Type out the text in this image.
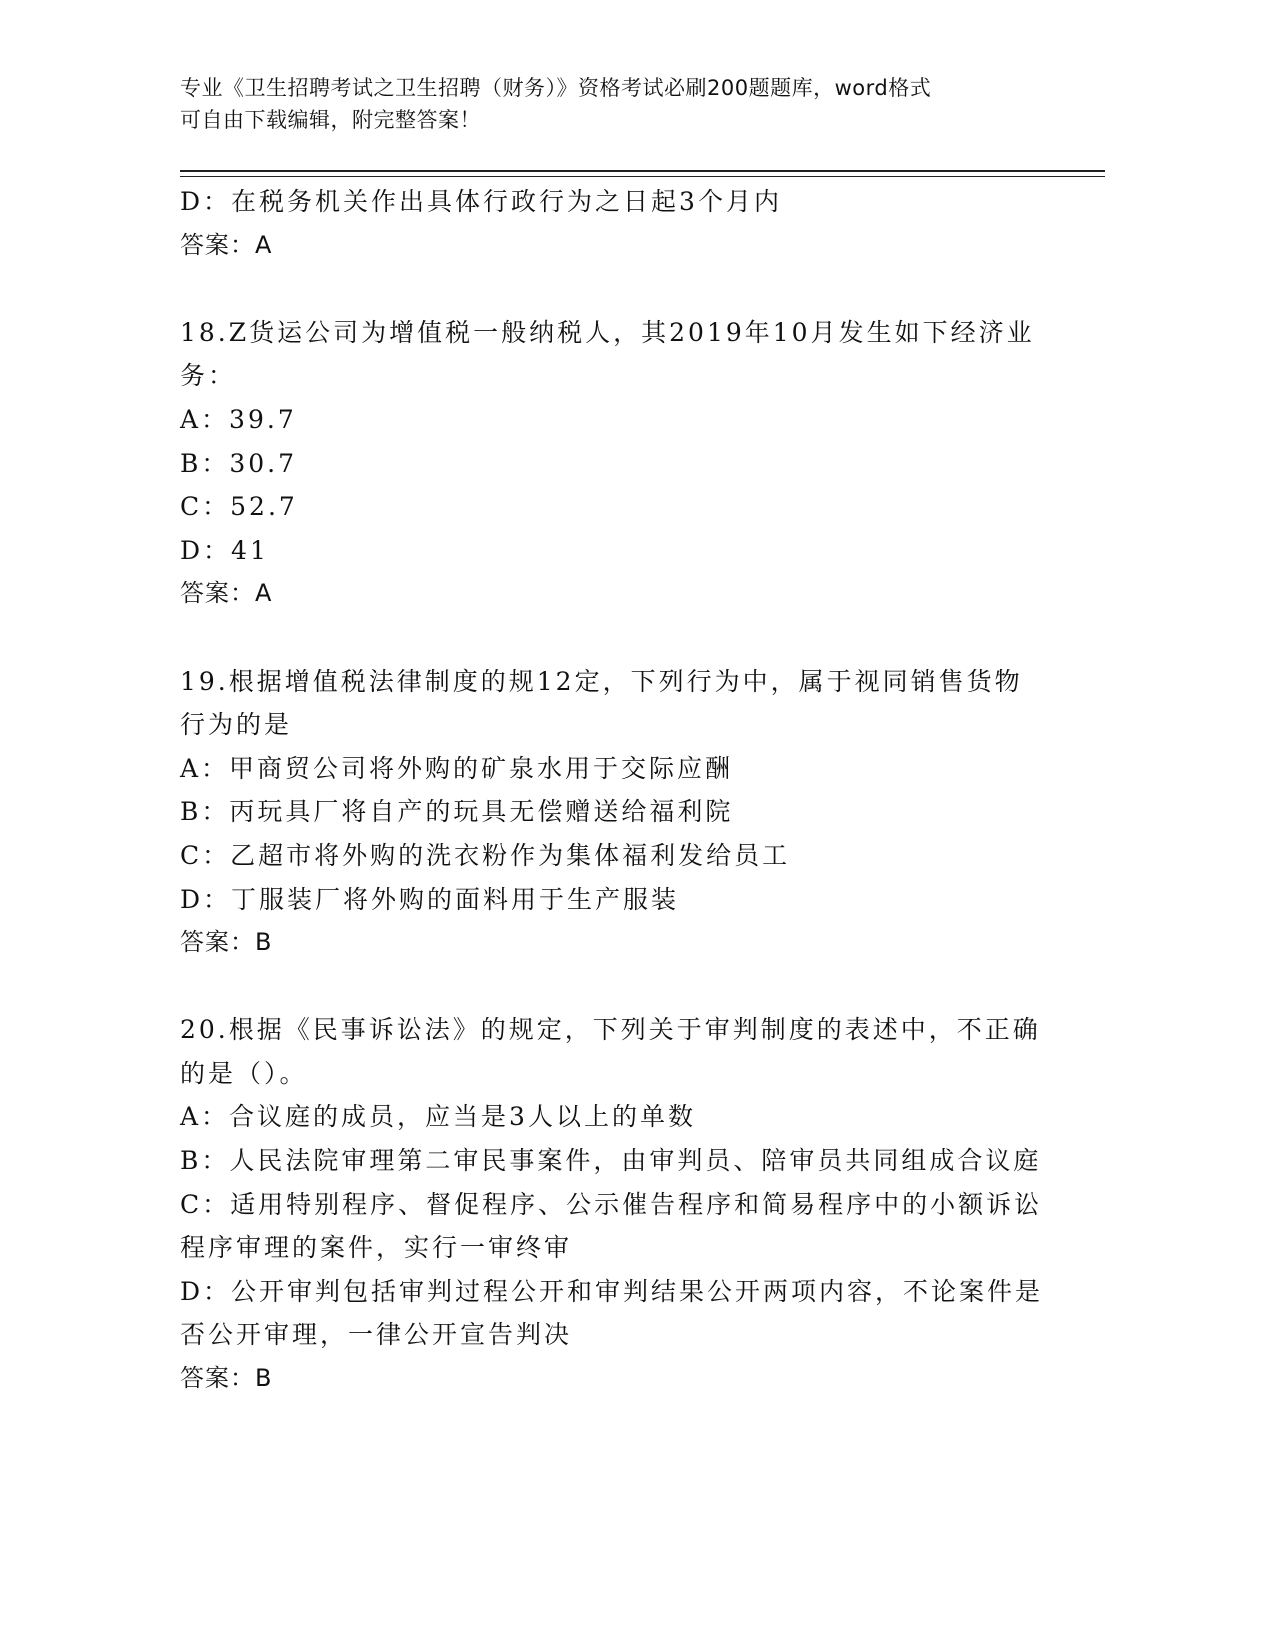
专业《卫生招聘考试之卫生招聘（财务）》资格考试必刷200题题库，word格式

可自由下载编辑，附完整答案！

D：在税务机关作出具体行政行为之日起3个月内

答案：A

18.Z货运公司为增值税一般纳税人，其2019年10月发生如下经济业

务：

A：39.7

B：30.7

C：52.7

D：41

答案：A

19.根据增值税法律制度的规12定，下列行为中，属于视同销售货物

行为的是

A：甲商贸公司将外购的矿泉水用于交际应酬

B：丙玩具厂将自产的玩具无偿赠送给福利院

C：乙超市将外购的洗衣粉作为集体福利发给员工

D：丁服装厂将外购的面料用于生产服装

答案：B

20.根据《民事诉讼法》的规定，下列关于审判制度的表述中，不正确

的是（）。

A：合议庭的成员，应当是3人以上的单数

B：人民法院审理第二审民事案件，由审判员、陪审员共同组成合议庭

C：适用特别程序、督促程序、公示催告程序和简易程序中的小额诉讼

程序审理的案件，实行一审终审

D：公开审判包括审判过程公开和审判结果公开两项内容，不论案件是

否公开审理，一律公开宣告判决

答案：B
